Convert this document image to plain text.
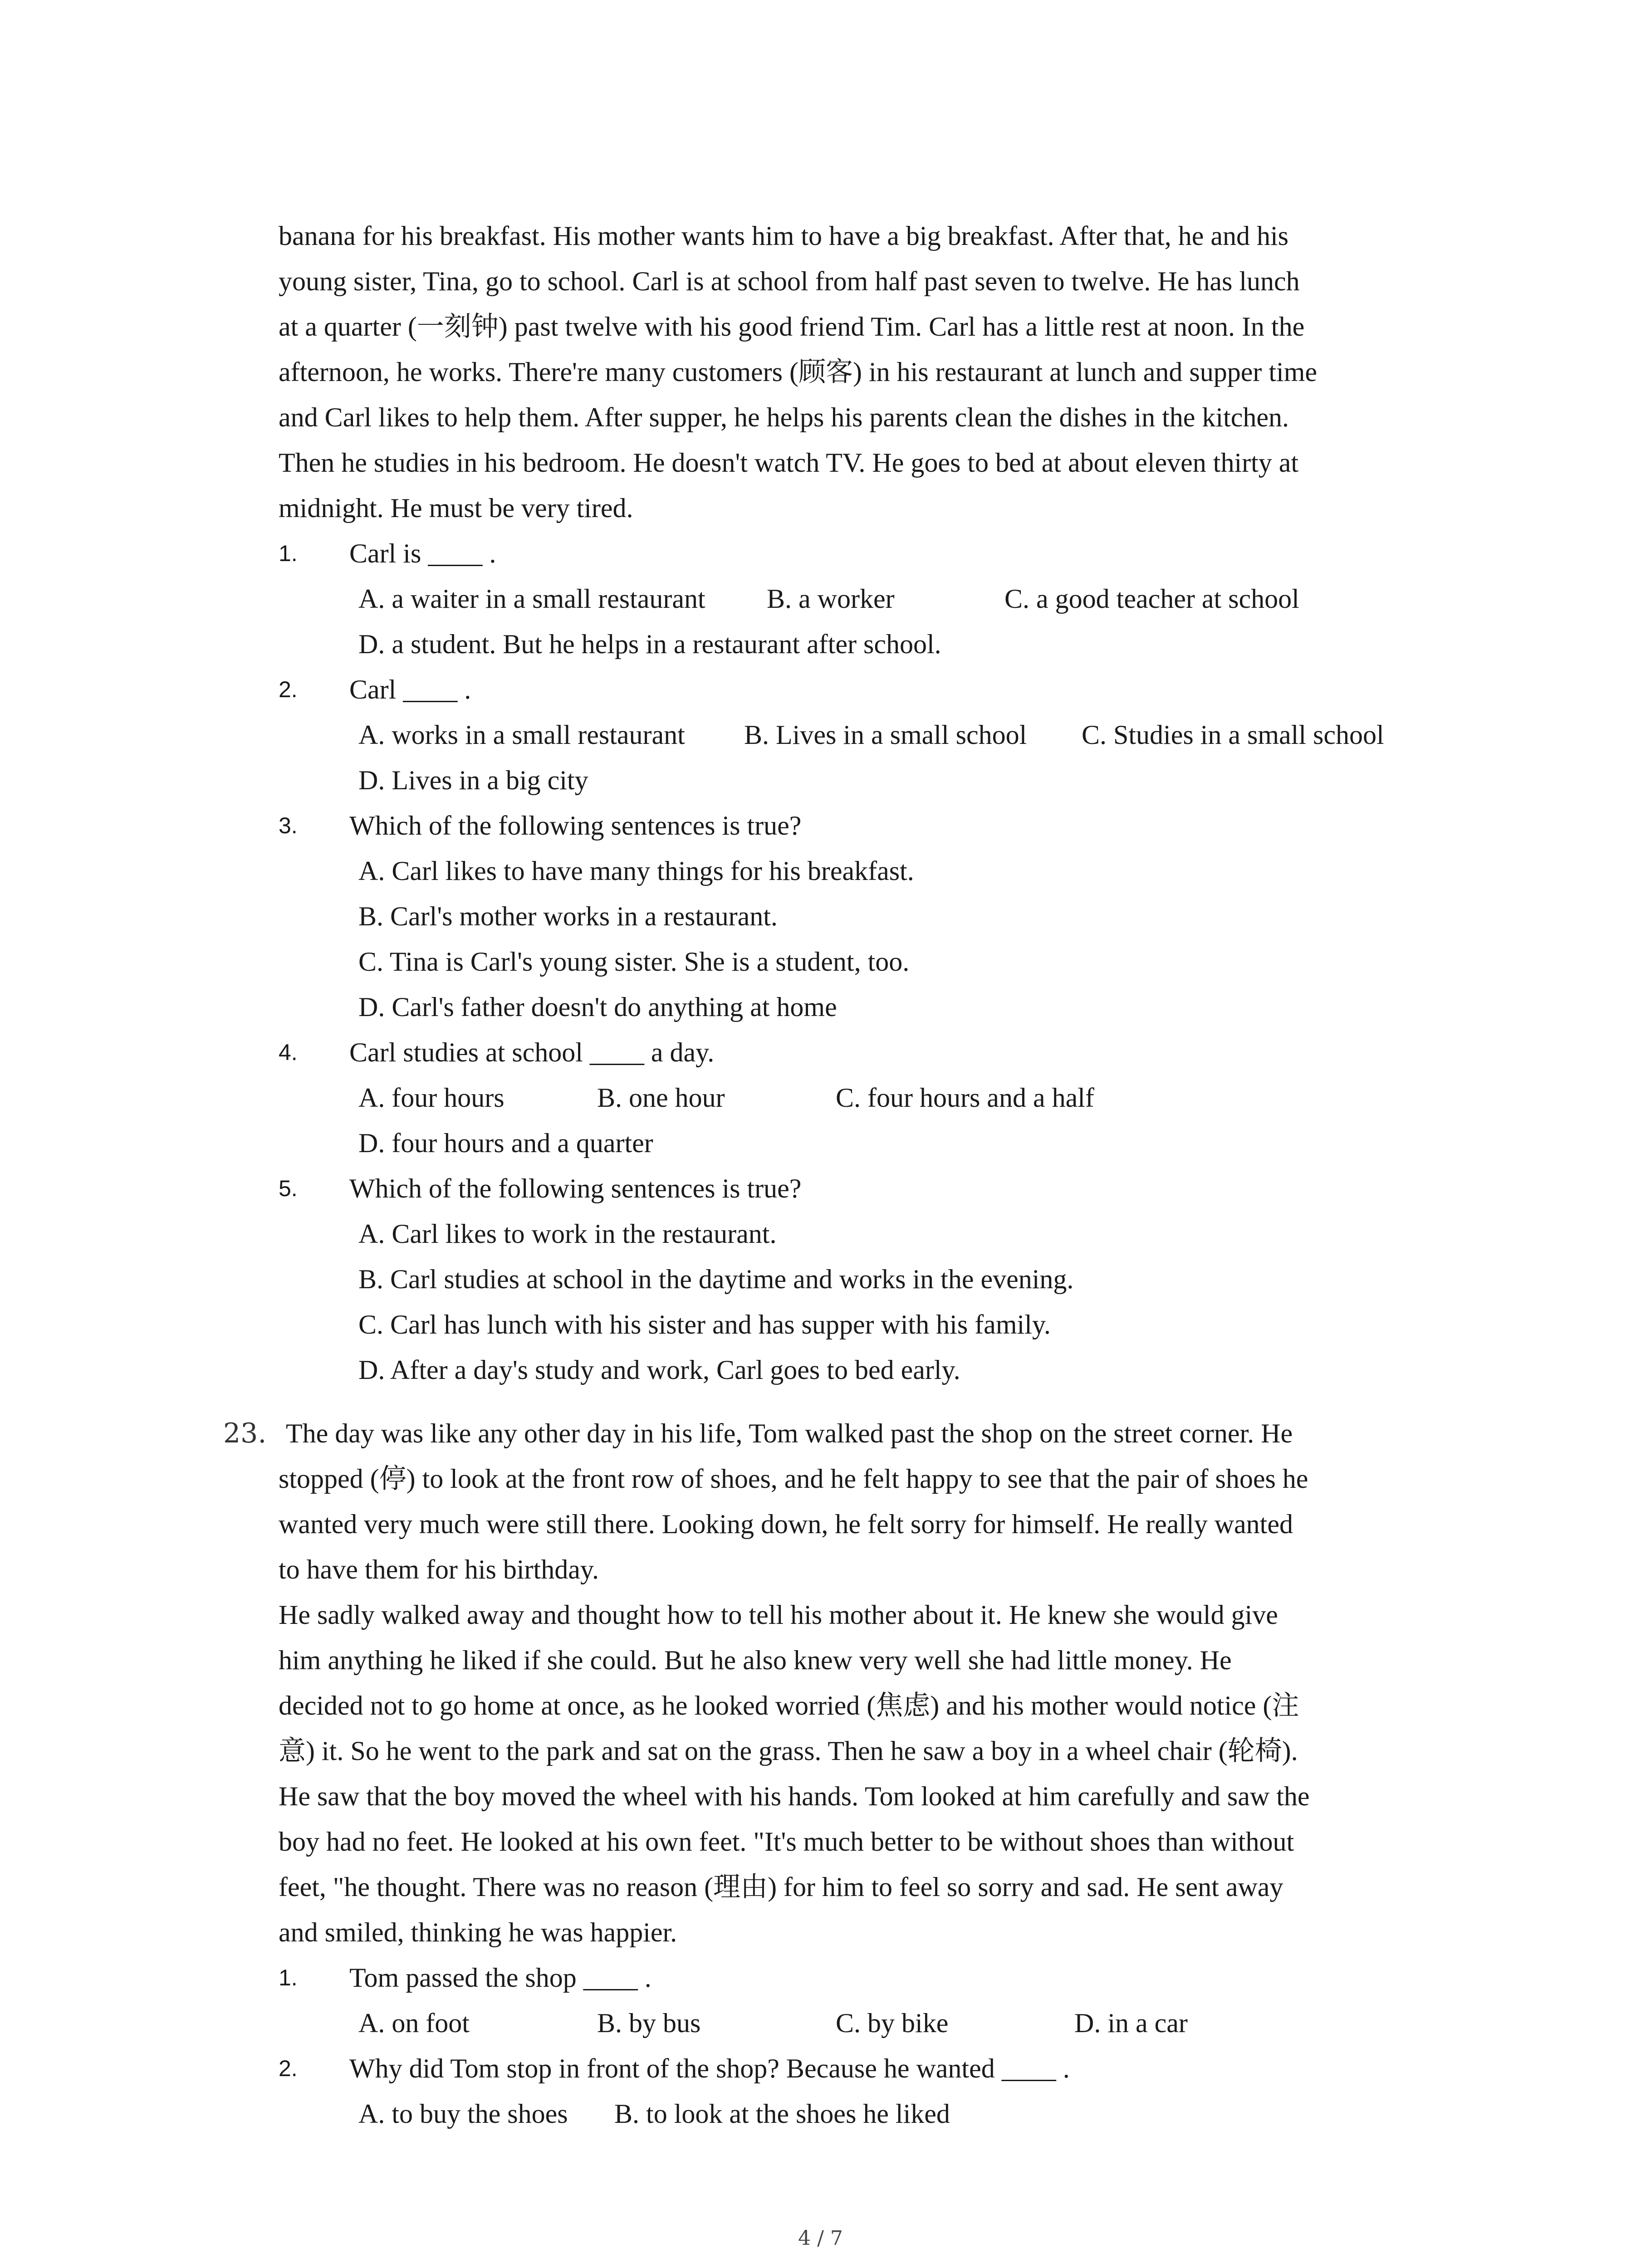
banana for his breakfast. His mother wants him to have a big breakfast. After that, he and his
young sister, Tina, go to school. Carl is at school from half past seven to twelve. He has lunch
at a quarter (一刻钟) past twelve with his good friend Tim. Carl has a little rest at noon. In the
afternoon, he works. There're many customers (顾客) in his restaurant at lunch and supper time
and Carl likes to help them. After supper, he helps his parents clean the dishes in the kitchen.
Then he studies in his bedroom. He doesn't watch TV. He goes to bed at about eleven thirty at
midnight. He must be very tired.
1. Carl is ____ .
A. a waiter in a small restaurant B. a worker	C. a good teacher at school
D. a student. But he helps in a restaurant after school.
2. Carl ____ .
A. works in a small restaurant B. Lives in a small school C. Studies in a small school
D. Lives in a big city
3. Which of the following sentences is true?
A. Carl likes to have many things for his breakfast.
B. Carl's mother works in a restaurant.
C. Tina is Carl's young sister. She is a student, too.
D. Carl's father doesn't do anything at home
4. Carl studies at school ____ a day.
A. four hours	B. one hour	C. four hours and a half
D. four hours and a quarter
5. Which of the following sentences is true?
A. Carl likes to work in the restaurant.
B. Carl studies at school in the daytime and works in the evening.
C. Carl has lunch with his sister and has supper with his family.
D. After a day's study and work, Carl goes to bed early.
23. The day was like any other day in his life, Tom walked past the shop on the street corner. He
stopped (停) to look at the front row of shoes, and he felt happy to see that the pair of shoes he
wanted very much were still there. Looking down, he felt sorry for himself. He really wanted
to have them for his birthday.
He sadly walked away and thought how to tell his mother about it. He knew she would give
him anything he liked if she could. But he also knew very well she had little money. He
decided not to go home at once, as he looked worried (焦虑) and his mother would notice (注
意) it. So he went to the park and sat on the grass. Then he saw a boy in a wheel chair (轮椅).
He saw that the boy moved the wheel with his hands. Tom looked at him carefully and saw the
boy had no feet. He looked at his own feet. "It's much better to be without shoes than without
feet, "he thought. There was no reason (理由) for him to feel so sorry and sad. He sent away
and smiled, thinking he was happier.
1. Tom passed the shop ____ .
A. on foot	B. by bus	C. by bike	D. in a car
2. Why did Tom stop in front of the shop? Because he wanted ____ .
A. to buy the shoes B. to look at the shoes he liked
4 / 7
